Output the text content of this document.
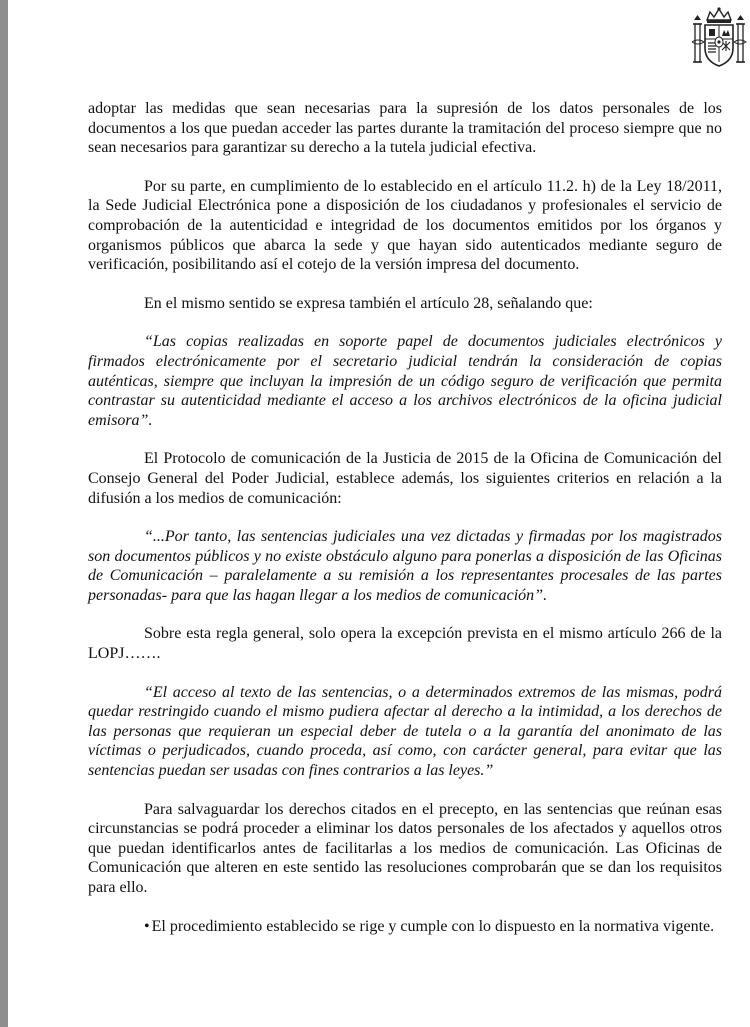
adoptar las medidas que sean necesarias para la supresión de los datos personales de los documentos a los que puedan acceder las partes durante la tramitación del proceso siempre que no sean necesarios para garantizar su derecho a la tutela judicial efectiva.

Por su parte, en cumplimiento de lo establecido en el artículo 11.2. h) de la Ley 18/2011, la Sede Judicial Electrónica pone a disposición de los ciudadanos y profesionales el servicio de comprobación de la autenticidad e integridad de los documentos emitidos por los órganos y organismos públicos que abarca la sede y que hayan sido autenticados mediante seguro de verificación, posibilitando así el cotejo de la versión impresa del documento.

En el mismo sentido se expresa también el artículo 28, señalando que:

“Las copias realizadas en soporte papel de documentos judiciales electrónicos y firmados electrónicamente por el secretario judicial tendrán la consideración de copias auténticas, siempre que incluyan la impresión de un código seguro de verificación que permita contrastar su autenticidad mediante el acceso a los archivos electrónicos de la oficina judicial emisora”.

El Protocolo de comunicación de la Justicia de 2015 de la Oficina de Comunicación del Consejo General del Poder Judicial, establece además, los siguientes criterios en relación a la difusión a los medios de comunicación:

“...Por tanto, las sentencias judiciales una vez dictadas y firmadas por los magistrados son documentos públicos y no existe obstáculo alguno para ponerlas a disposición de las Oficinas de Comunicación – paralelamente a su remisión a los representantes procesales de las partes personadas- para que las hagan llegar a los medios de comunicación”.

Sobre esta regla general, solo opera la excepción prevista en el mismo artículo 266 de la LOPJ…….

“El acceso al texto de las sentencias, o a determinados extremos de las mismas, podrá quedar restringido cuando el mismo pudiera afectar al derecho a la intimidad, a los derechos de las personas que requieran un especial deber de tutela o a la garantía del anonimato de las víctimas o perjudicados, cuando proceda, así como, con carácter general, para evitar que las sentencias puedan ser usadas con fines contrarios a las leyes.”

Para salvaguardar los derechos citados en el precepto, en las sentencias que reúnan esas circunstancias se podrá proceder a eliminar los datos personales de los afectados y aquellos otros que puedan identificarlos antes de facilitarlas a los medios de comunicación. Las Oficinas de Comunicación que alteren en este sentido las resoluciones comprobarán que se dan los requisitos para ello.

• El procedimiento establecido se rige y cumple con lo dispuesto en la normativa vigente.
